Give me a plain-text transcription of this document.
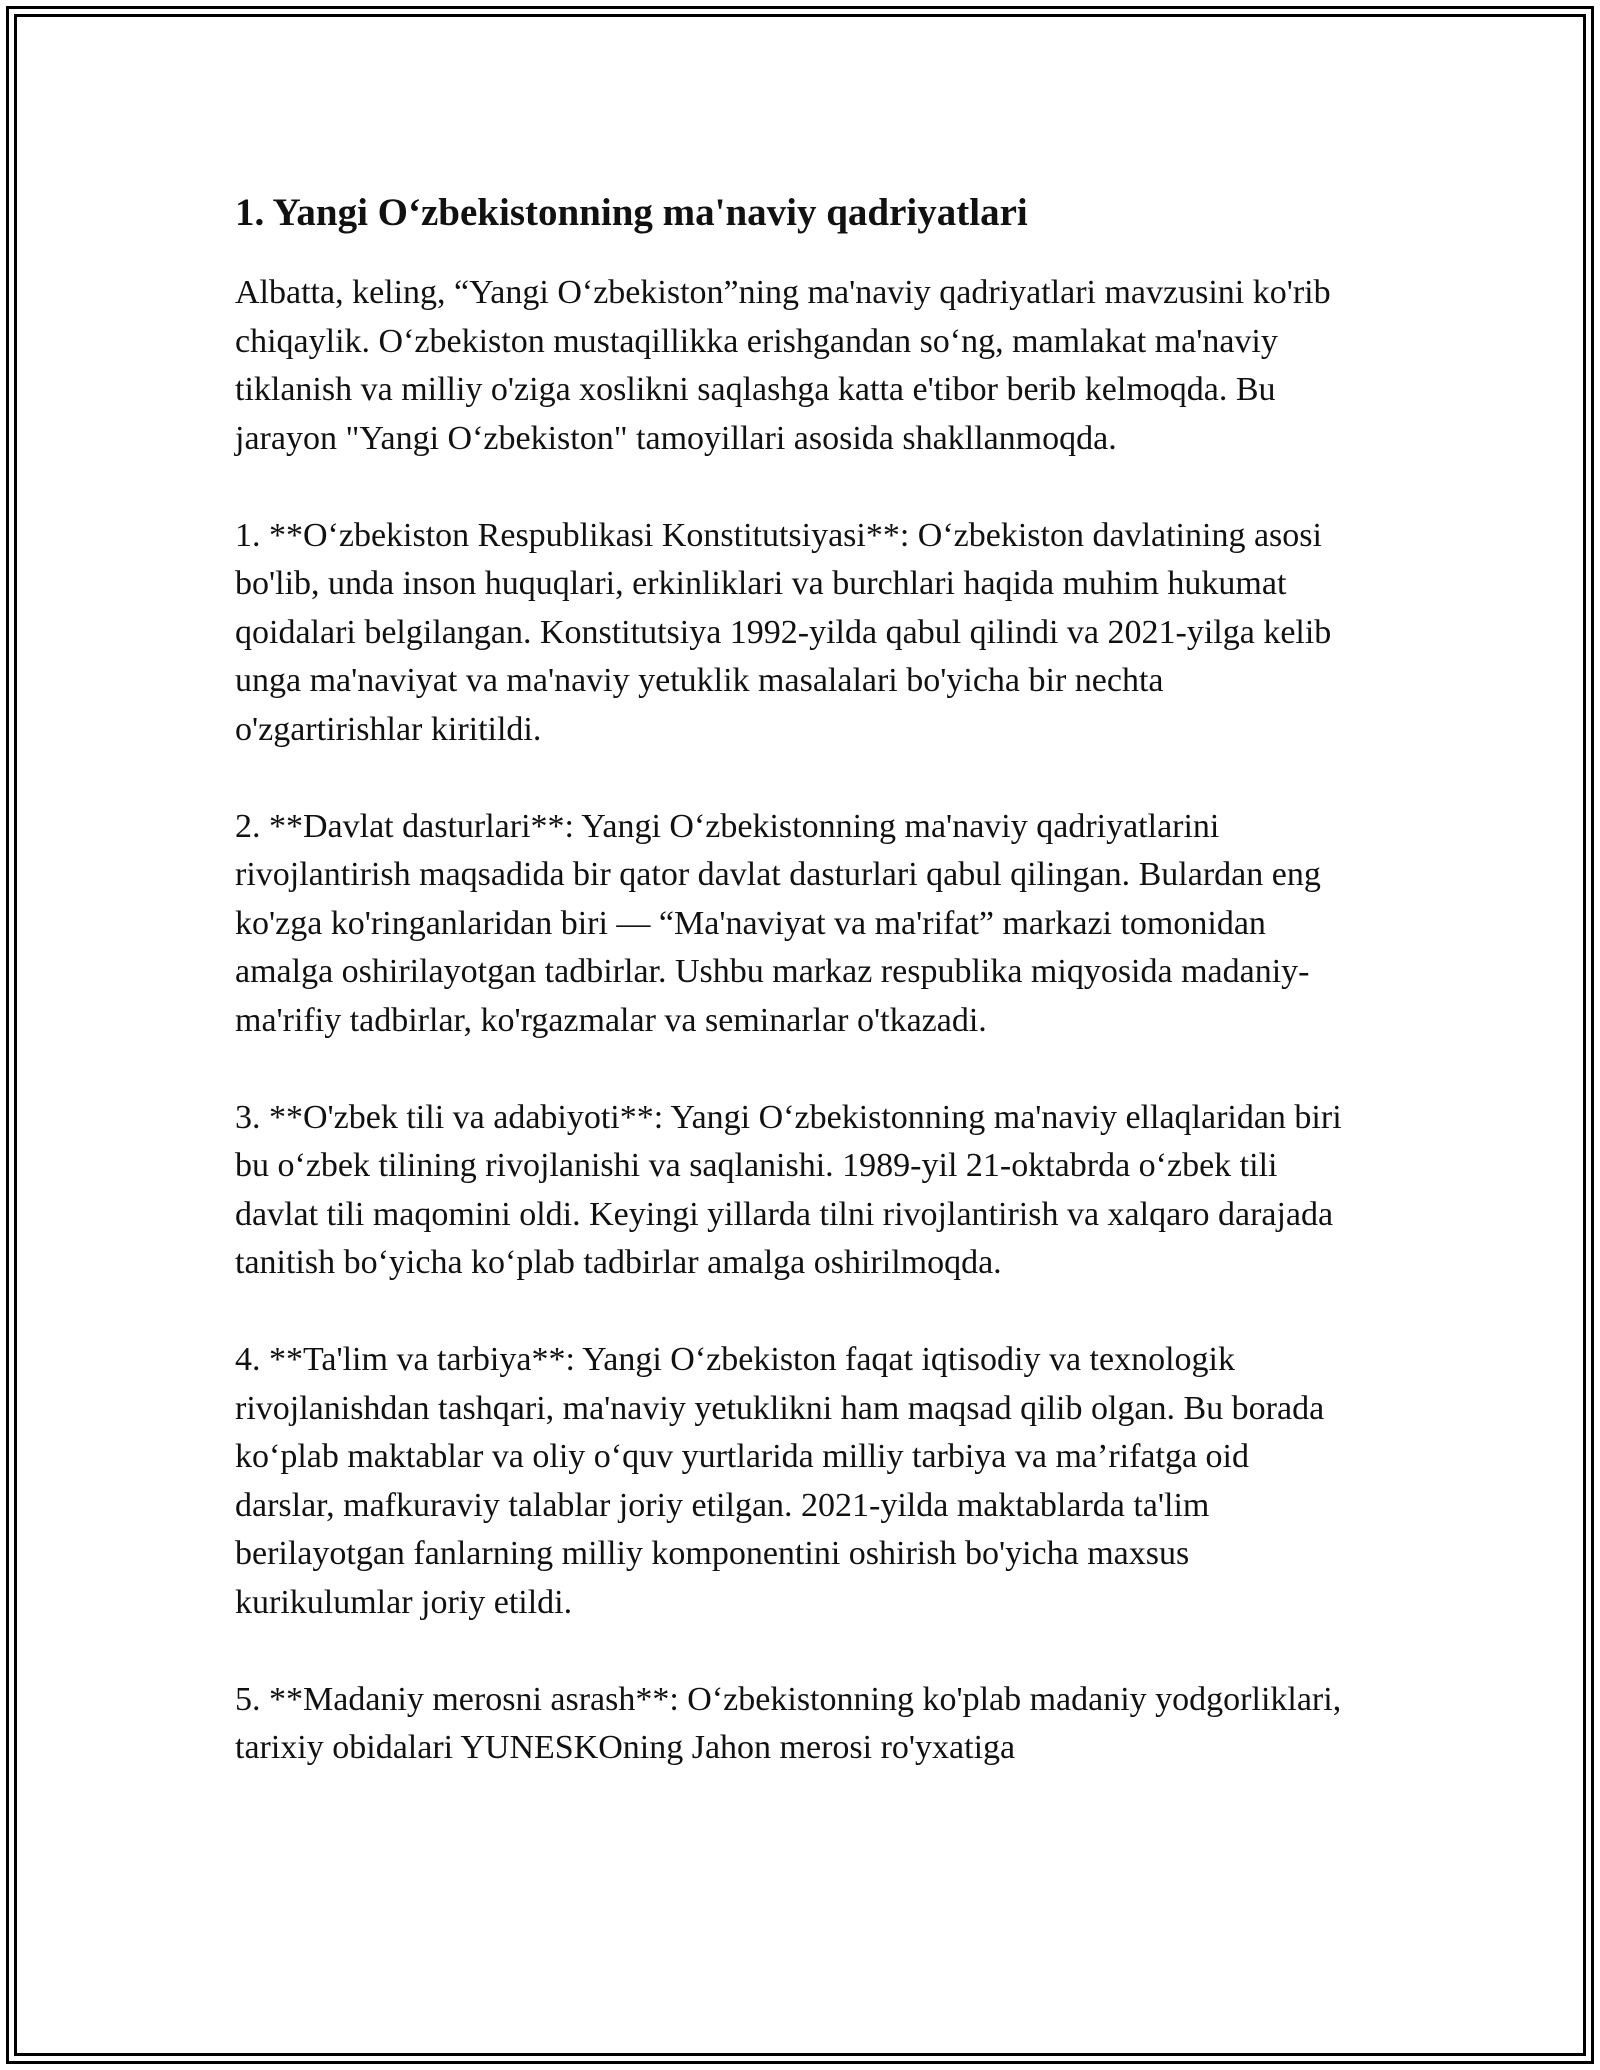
1. Yangi O‘zbekistonning ma'naviy qadriyatlari

Albatta, keling, “Yangi O‘zbekiston”ning ma'naviy qadriyatlari mavzusini ko'rib chiqaylik. O‘zbekiston mustaqillikka erishgandan so‘ng, mamlakat ma'naviy tiklanish va milliy o'ziga xoslikni saqlashga katta e'tibor berib kelmoqda. Bu jarayon "Yangi O‘zbekiston" tamoyillari asosida shakllanmoqda.

1. **O‘zbekiston Respublikasi Konstitutsiyasi**: O‘zbekiston davlatining asosi bo'lib, unda inson huquqlari, erkinliklari va burchlari haqida muhim hukumat qoidalari belgilangan. Konstitutsiya 1992-yilda qabul qilindi va 2021-yilga kelib unga ma'naviyat va ma'naviy yetuklik masalalari bo'yicha bir nechta o'zgartirishlar kiritildi.

2. **Davlat dasturlari**: Yangi O‘zbekistonning ma'naviy qadriyatlarini rivojlantirish maqsadida bir qator davlat dasturlari qabul qilingan. Bulardan eng ko'zga ko'ringanlaridan biri — “Ma'naviyat va ma'rifat” markazi tomonidan amalga oshirilayotgan tadbirlar. Ushbu markaz respublika miqyosida madaniy-ma'rifiy tadbirlar, ko'rgazmalar va seminarlar o'tkazadi.

3. **O'zbek tili va adabiyoti**: Yangi O‘zbekistonning ma'naviy ellaqlaridan biri bu o‘zbek tilining rivojlanishi va saqlanishi. 1989-yil 21-oktabrda o‘zbek tili davlat tili maqomini oldi. Keyingi yillarda tilni rivojlantirish va xalqaro darajada tanitish bo‘yicha ko‘plab tadbirlar amalga oshirilmoqda.

4. **Ta'lim va tarbiya**: Yangi O‘zbekiston faqat iqtisodiy va texnologik rivojlanishdan tashqari, ma'naviy yetuklikni ham maqsad qilib olgan. Bu borada ko‘plab maktablar va oliy o‘quv yurtlarida milliy tarbiya va ma’rifatga oid darslar, mafkuraviy talablar joriy etilgan. 2021-yilda maktablarda ta'lim berilayotgan fanlarning milliy komponentini oshirish bo'yicha maxsus kurikulumlar joriy etildi.

5. **Madaniy merosni asrash**: O‘zbekistonning ko'plab madaniy yodgorliklari, tarixiy obidalari YUNESKOning Jahon merosi ro'yxatiga
